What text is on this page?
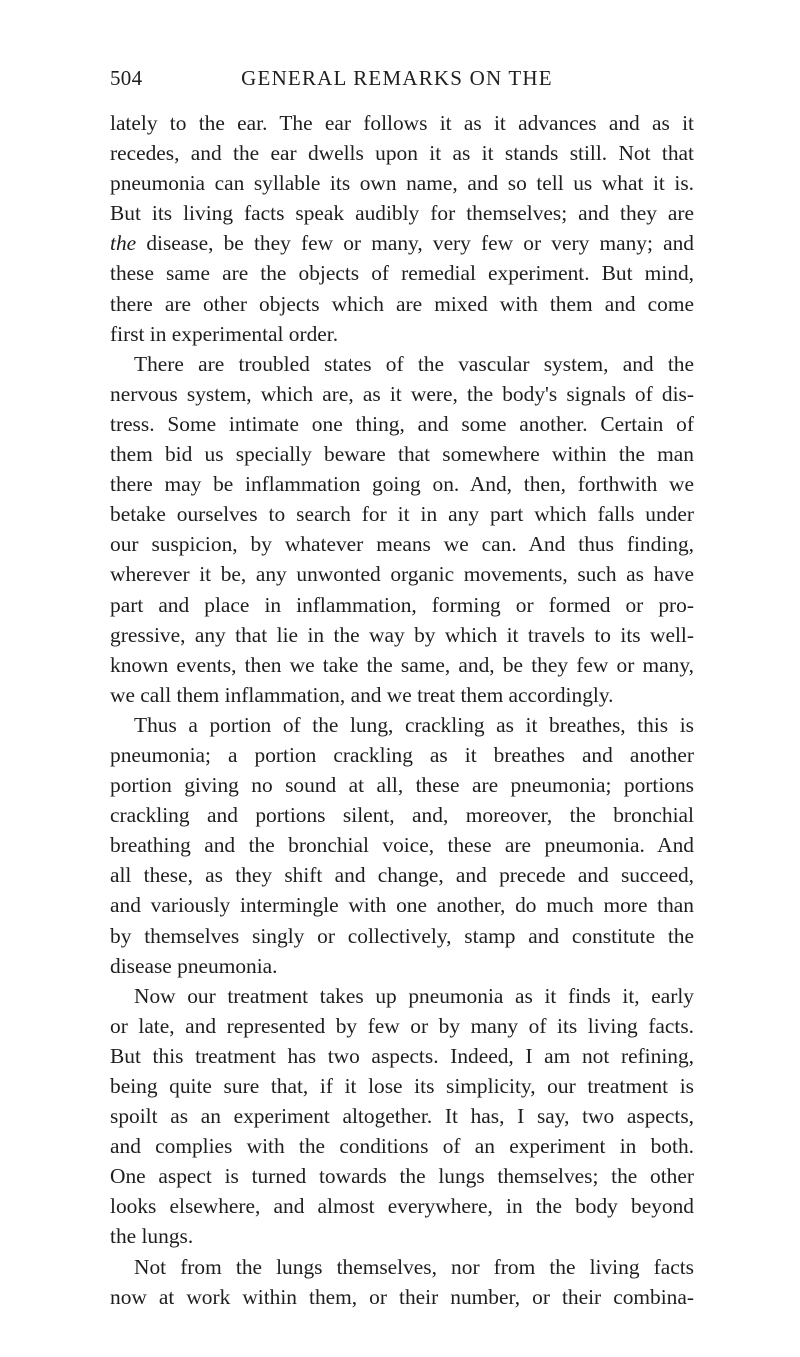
504	GENERAL REMARKS ON THE
lately to the ear. The ear follows it as it advances and as it
recedes, and the ear dwells upon it as it stands still. Not that
pneumonia can syllable its own name, and so tell us what it is.
But its living facts speak audibly for themselves; and they are
the disease, be they few or many, very few or very many; and
these same are the objects of remedial experiment. But mind,
there are other objects which are mixed with them and come
first in experimental order.
There are troubled states of the vascular system, and the
nervous system, which are, as it were, the body's signals of dis-
tress. Some intimate one thing, and some another. Certain of
them bid us specially beware that somewhere within the man
there may be inflammation going on. And, then, forthwith we
betake ourselves to search for it in any part which falls under
our suspicion, by whatever means we can. And thus finding,
wherever it be, any unwonted organic movements, such as have
part and place in inflammation, forming or formed or pro-
gressive, any that lie in the way by which it travels to its well-
known events, then we take the same, and, be they few or many,
we call them inflammation, and we treat them accordingly.
Thus a portion of the lung, crackling as it breathes, this is
pneumonia; a portion crackling as it breathes and another
portion giving no sound at all, these are pneumonia; portions
crackling and portions silent, and, moreover, the bronchial
breathing and the bronchial voice, these are pneumonia. And
all these, as they shift and change, and precede and succeed,
and variously intermingle with one another, do much more than
by themselves singly or collectively, stamp and constitute the
disease pneumonia.
Now our treatment takes up pneumonia as it finds it, early
or late, and represented by few or by many of its living facts.
But this treatment has two aspects. Indeed, I am not refining,
being quite sure that, if it lose its simplicity, our treatment is
spoilt as an experiment altogether. It has, I say, two aspects,
and complies with the conditions of an experiment in both.
One aspect is turned towards the lungs themselves; the other
looks elsewhere, and almost everywhere, in the body beyond
the lungs.
Not from the lungs themselves, nor from the living facts
now at work within them, or their number, or their combina-
